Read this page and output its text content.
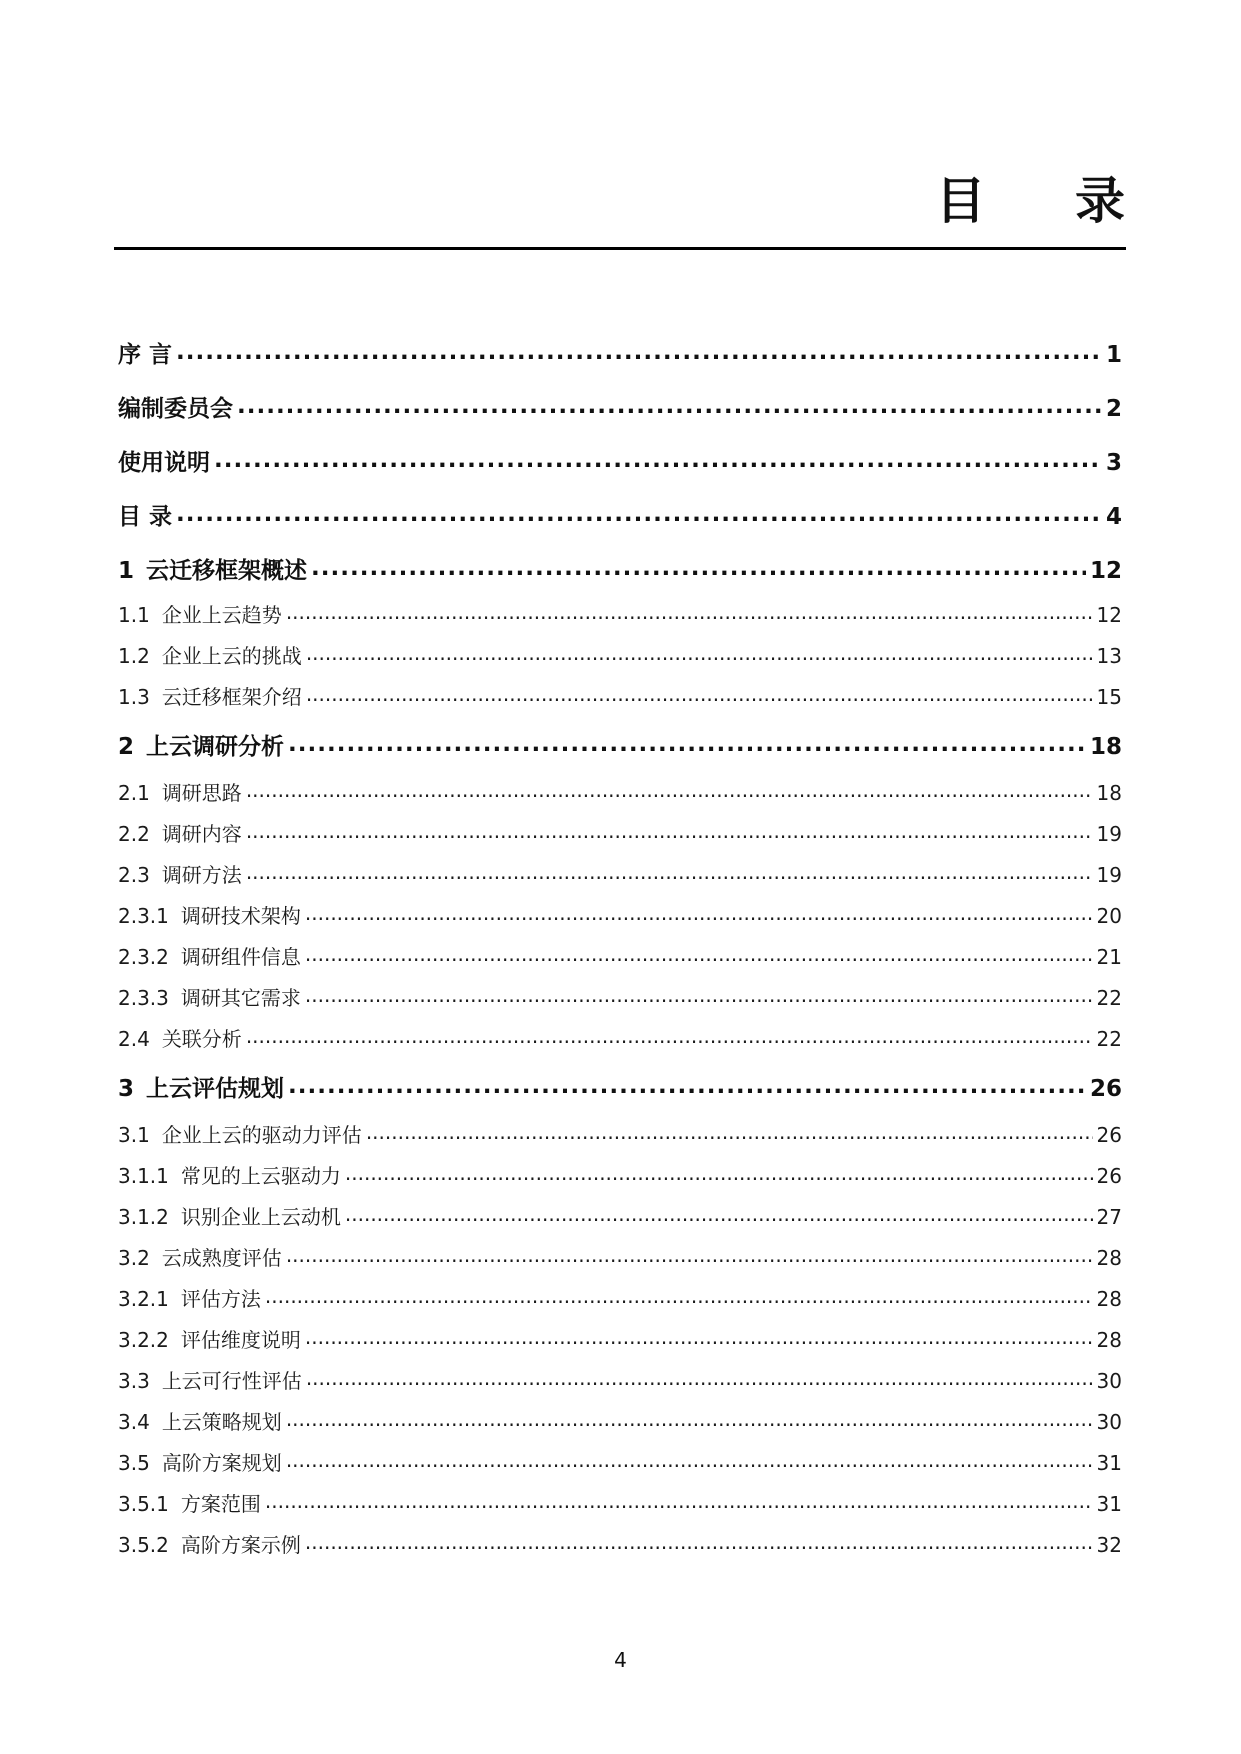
目 录
序 言 .....	1
编制委员会 .....	2
使用说明 .....	3
目 录 .....	4
1 云迁移框架概述 .....	12
1.1 企业上云趋势 .....	12
1.2 企业上云的挑战 .....	13
1.3 云迁移框架介绍 .....	15
2 上云调研分析 .....	18
2.1 调研思路 .....	18
2.2 调研内容 .....	19
2.3 调研方法 .....	19
2.3.1 调研技术架构 .....	20
2.3.2 调研组件信息 .....	21
2.3.3 调研其它需求 .....	22
2.4 关联分析 .....	22
3 上云评估规划 .....	26
3.1 企业上云的驱动力评估 .....	26
3.1.1 常见的上云驱动力 .....	26
3.1.2 识别企业上云动机 .....	27
3.2 云成熟度评估 .....	28
3.2.1 评估方法 .....	28
3.2.2 评估维度说明 .....	28
3.3 上云可行性评估 .....	30
3.4 上云策略规划 .....	30
3.5 高阶方案规划 .....	31
3.5.1 方案范围 .....	31
3.5.2 高阶方案示例 .....	32
4
